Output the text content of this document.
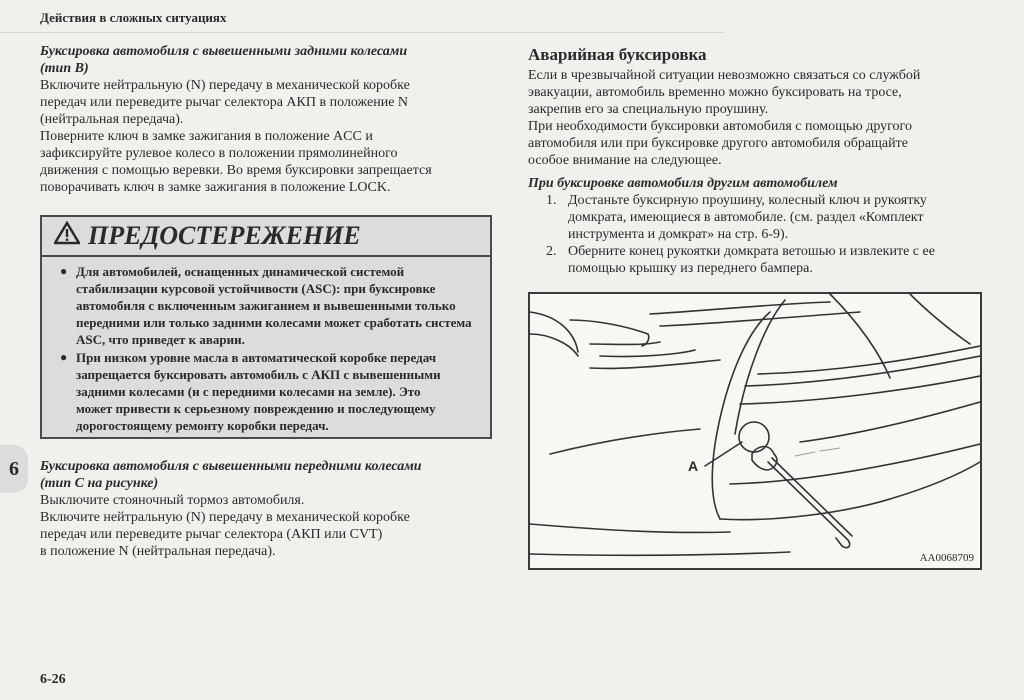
Действия в сложных ситуациях

Буксировка автомобиля с вывешенными задними колесами

(тип B)

Включите нейтральную (N) передачу в механической коробке

передач или переведите рычаг селектора АКП в положение N

(нейтральная передача).

Поверните ключ в замке зажигания в положение ACC и

зафиксируйте рулевое колесо в положении прямолинейного

движения с помощью веревки. Во время буксировки запрещается

поворачивать ключ в замке зажигания в положение LOCK.

ПРЕДОСТЕРЕЖЕНИЕ
● Для автомобилей, оснащенных динамической системой
стабилизации курсовой устойчивости (ASC): при буксировке
автомобиля с включенным зажиганием и вывешенными только
передними или только задними колесами может сработать система
ASC, что приведет к аварии.
● При низком уровне масла в автоматической коробке передач
запрещается буксировать автомобиль с АКП с вывешенными
задними колесами (и с передними колесами на земле). Это
может привести к серьезному повреждению и последующему
дорогостоящему ремонту коробки передач.

Буксировка автомобиля с вывешенными передними колесами

(тип C на рисунке)

Выключите стояночный тормоз автомобиля.

Включите нейтральную (N) передачу в механической коробке

передач или переведите рычаг селектора (АКП или CVT)

в положение N (нейтральная передача).

6

Аварийная буксировка

Если в чрезвычайной ситуации невозможно связаться со службой

эвакуации, автомобиль временно можно буксировать на тросе,

закрепив его за специальную проушину.

При необходимости буксировки автомобиля с помощью другого

автомобиля или при буксировке другого автомобиля обращайте

особое внимание на следующее.

При буксировке автомобиля другим автомобилем

1. Достаньте буксирную проушину, колесный ключ и рукоятку
домкрата, имеющиеся в автомобиле. (см. раздел «Комплект
инструмента и домкрат» на стр. 6-9).
2. Оберните конец рукоятки домкрата ветошью и извлеките с ее
помощью крышку из переднего бампера.
A
AA0068709
6-26
